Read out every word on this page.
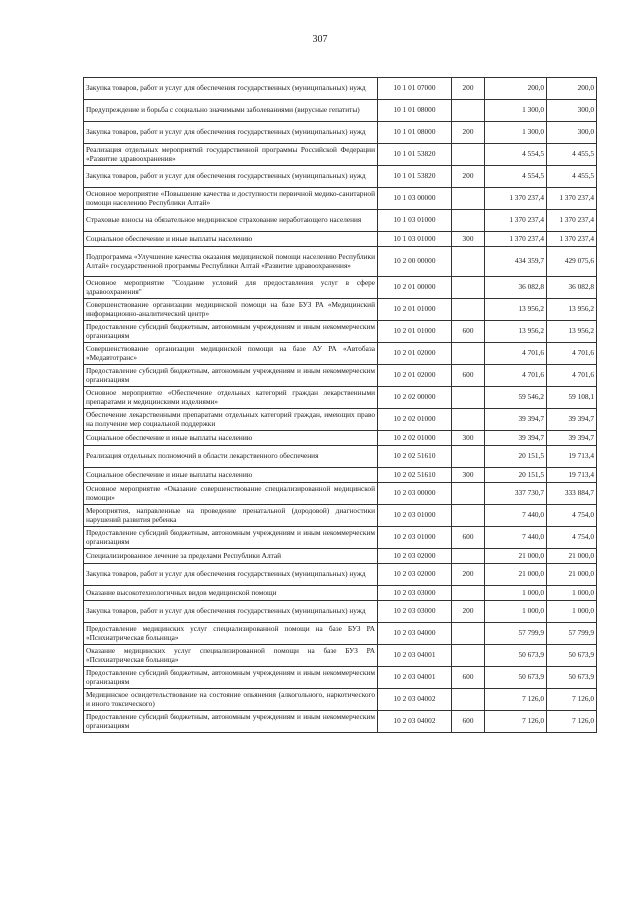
307
Закупка товаров, работ и услуг для обеспечения государственных (муниципальных) нужд	10 1 01 07000	200	200,0	200,0
Предупреждение и борьба с социально значимыми заболеваниями (вирусные гепатиты)	10 1 01 08000		1 300,0	300,0
Закупка товаров, работ и услуг для обеспечения государственных (муниципальных) нужд	10 1 01 08000	200	1 300,0	300,0
Реализация отдельных мероприятий государственной программы Российской Федерации «Развитие здравоохранения»	10 1 01 53820		4 554,5	4 455,5
Закупка товаров, работ и услуг для обеспечения государственных (муниципальных) нужд	10 1 01 53820	200	4 554,5	4 455,5
Основное мероприятие «Повышение качества и доступности первичной медико-санитарной помощи населению Республики Алтай»	10 1 03 00000		1 370 237,4	1 370 237,4
Страховые взносы на обязательное медицинское страхование неработающего населения	10 1 03 01000		1 370 237,4	1 370 237,4
Социальное обеспечение и иные выплаты населению	10 1 03 01000	300	1 370 237,4	1 370 237,4
Подпрограмма «Улучшение качества оказания медицинской помощи населению Республики Алтай» государственной программы Республики Алтай «Развитие здравоохранения»	10 2 00 00000		434 359,7	429 075,6
Основное мероприятие "Создание условий для предоставления услуг в сфере здравоохранения"	10 2 01 00000		36 082,8	36 082,8
Совершенствование организации медицинской помощи на базе БУЗ РА «Медицинский информационно-аналитический центр»	10 2 01 01000		13 956,2	13 956,2
Предоставление субсидий бюджетным, автономным учреждениям и иным некоммерческим организациям	10 2 01 01000	600	13 956,2	13 956,2
Совершенствование организации медицинской помощи на базе АУ РА «Автобаза «Медавтотранс»	10 2 01 02000		4 701,6	4 701,6
Предоставление субсидий бюджетным, автономным учреждениям и иным некоммерческим организациям	10 2 01 02000	600	4 701,6	4 701,6
Основное мероприятие «Обеспечение отдельных категорий граждан лекарственными препаратами и медицинскими изделиями»	10 2 02 00000		59 546,2	59 108,1
Обеспечение лекарственными препаратами отдельных категорий граждан, имеющих право на получение мер социальной поддержки	10 2 02 01000		39 394,7	39 394,7
Социальное обеспечение и иные выплаты населению	10 2 02 01000	300	39 394,7	39 394,7
Реализация отдельных полномочий в области лекарственного обеспечения	10 2 02 51610		20 151,5	19 713,4
Социальное обеспечение и иные выплаты населению	10 2 02 51610	300	20 151,5	19 713,4
Основное мероприятие «Оказание совершенствование специализированной медицинской помощи»	10 2 03 00000		337 730,7	333 884,7
Мероприятия, направленные на проведение пренатальной (дородовой) диагностики нарушений развития ребенка	10 2 03 01000		7 440,0	4 754,0
Предоставление субсидий бюджетным, автономным учреждениям и иным некоммерческим организациям	10 2 03 01000	600	7 440,0	4 754,0
Специализированное лечение за пределами Республики Алтай	10 2 03 02000		21 000,0	21 000,0
Закупка товаров, работ и услуг для обеспечения государственных (муниципальных) нужд	10 2 03 02000	200	21 000,0	21 000,0
Оказание высокотехнологичных видов медицинской помощи	10 2 03 03000		1 000,0	1 000,0
Закупка товаров, работ и услуг для обеспечения государственных (муниципальных) нужд	10 2 03 03000	200	1 000,0	1 000,0
Предоставление медицинских услуг специализированной помощи на базе БУЗ РА «Психиатрическая больница»	10 2 03 04000		57 799,9	57 799,9
Оказание медицинских услуг специализированной помощи на базе БУЗ РА «Психиатрическая больница»	10 2 03 04001		50 673,9	50 673,9
Предоставление субсидий бюджетным, автономным учреждениям и иным некоммерческим организациям	10 2 03 04001	600	50 673,9	50 673,9
Медицинское освидетельствование на состояние опьянения (алкогольного, наркотического и иного токсического)	10 2 03 04002		7 126,0	7 126,0
Предоставление субсидий бюджетным, автономным учреждениям и иным некоммерческим организациям	10 2 03 04002	600	7 126,0	7 126,0
